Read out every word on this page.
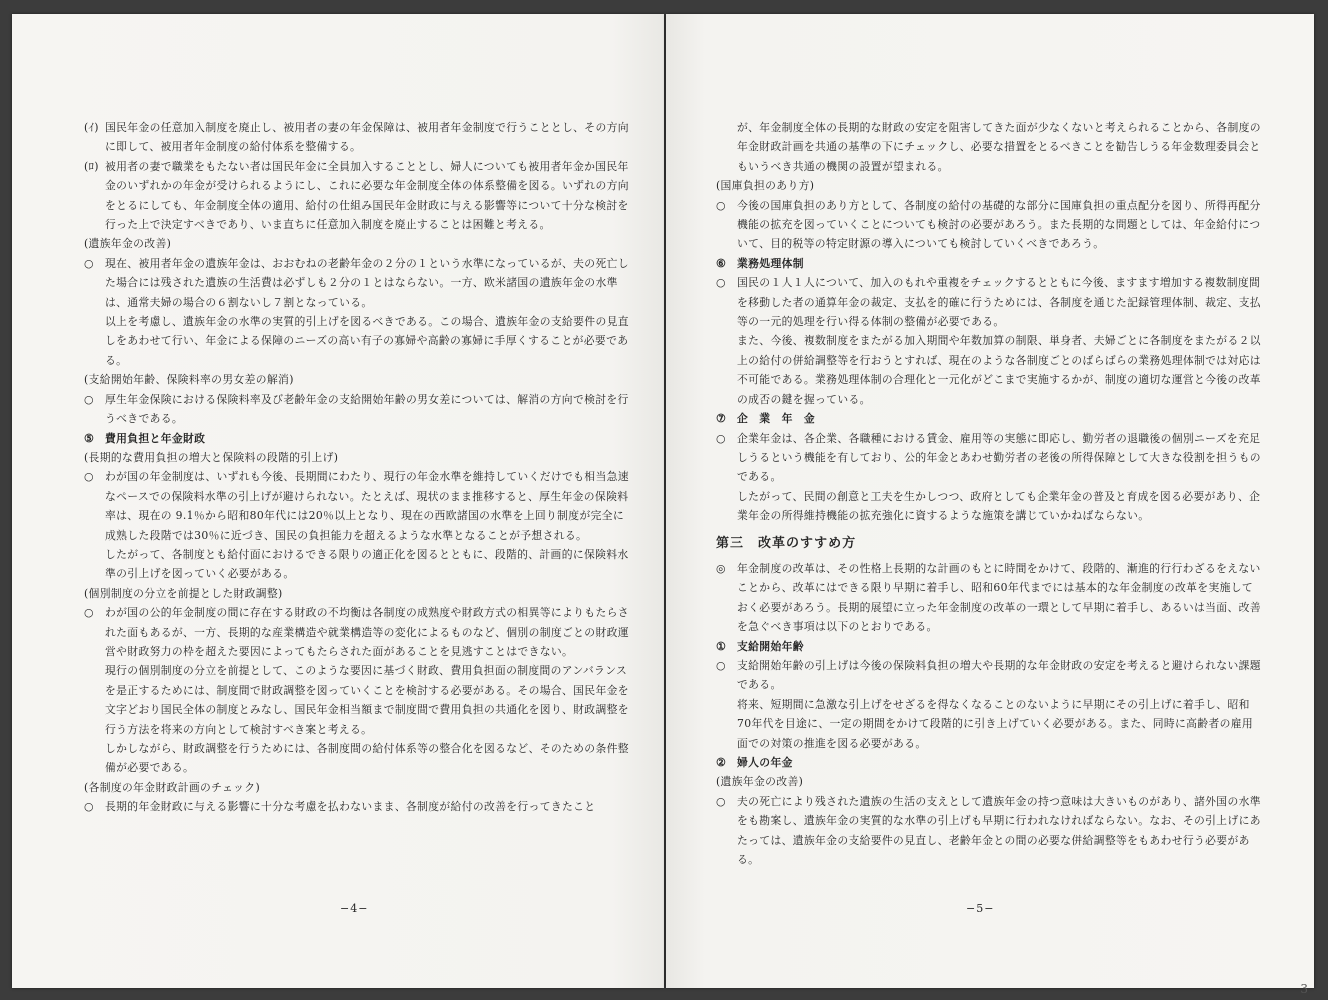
(ｲ) 国民年金の任意加入制度を廃止し、被用者の妻の年金保障は、被用者年金制度で行うこととし、その方向に即して、被用者年金制度の給付体系を整備する。

(ﾛ) 被用者の妻で職業をもたない者は国民年金に全員加入することとし、婦人についても被用者年金か国民年金のいずれかの年金が受けられるようにし、これに必要な年金制度全体の体系整備を図る。いずれの方向をとるにしても、年金制度全体の適用、給付の仕組み国民年金財政に与える影響等について十分な検討を行った上で決定すべきであり、いま直ちに任意加入制度を廃止することは困難と考える。

(遺族年金の改善)

○ 現在、被用者年金の遺族年金は、おおむねの老齢年金の２分の１という水準になっているが、夫の死亡した場合には残された遺族の生活費は必ずしも２分の１とはならない。一方、欧米諸国の遺族年金の水準は、通常夫婦の場合の６割ないし７割となっている。

以上を考慮し、遺族年金の水準の実質的引上げを図るべきである。この場合、遺族年金の支給要件の見直しをあわせて行い、年金による保障のニーズの高い有子の寡婦や高齢の寡婦に手厚くすることが必要である。

(支給開始年齢、保険料率の男女差の解消)

○ 厚生年金保険における保険料率及び老齢年金の支給開始年齢の男女差については、解消の方向で検討を行うべきである。

⑤ 費用負担と年金財政

(長期的な費用負担の増大と保険料の段階的引上げ)

○ わが国の年金制度は、いずれも今後、長期間にわたり、現行の年金水準を維持していくだけでも相当急速なペースでの保険料水準の引上げが避けられない。たとえば、現状のまま推移すると、厚生年金の保険料率は、現在の 9.1％から昭和80年代には20％以上となり、現在の西欧諸国の水準を上回り制度が完全に成熟した段階では30％に近づき、国民の負担能力を超えるような水準となることが予想される。

したがって、各制度とも給付面におけるできる限りの適正化を図るとともに、段階的、計画的に保険料水準の引上げを図っていく必要がある。

(個別制度の分立を前提とした財政調整)

○ わが国の公的年金制度の間に存在する財政の不均衡は各制度の成熟度や財政方式の相異等によりもたらされた面もあるが、一方、長期的な産業構造や就業構造等の変化によるものなど、個別の制度ごとの財政運営や財政努力の枠を超えた要因によってもたらされた面があることを見逃すことはできない。

現行の個別制度の分立を前提として、このような要因に基づく財政、費用負担面の制度間のアンバランスを是正するためには、制度間で財政調整を図っていくことを検討する必要がある。その場合、国民年金を文字どおり国民全体の制度とみなし、国民年金相当額まで制度間で費用負担の共通化を図り、財政調整を行う方法を将来の方向として検討すべき案と考える。

しかしながら、財政調整を行うためには、各制度間の給付体系等の整合化を図るなど、そのための条件整備が必要である。

(各制度の年金財政計画のチェック)

○ 長期的年金財政に与える影響に十分な考慮を払わないまま、各制度が給付の改善を行ってきたこと

−4−

が、年金制度全体の長期的な財政の安定を阻害してきた面が少なくないと考えられることから、各制度の年金財政計画を共通の基準の下にチェックし、必要な措置をとるべきことを勧告しうる年金数理委員会ともいうべき共通の機関の設置が望まれる。

(国庫負担のあり方)

○ 今後の国庫負担のあり方として、各制度の給付の基礎的な部分に国庫負担の重点配分を図り、所得再配分機能の拡充を図っていくことについても検討の必要があろう。また長期的な問題としては、年金給付について、目的税等の特定財源の導入についても検討していくべきであろう。

⑥ 業務処理体制

○ 国民の１人１人について、加入のもれや重複をチェックするとともに今後、ますます増加する複数制度間を移動した者の通算年金の裁定、支払を的確に行うためには、各制度を通じた記録管理体制、裁定、支払等の一元的処理を行い得る体制の整備が必要である。

また、今後、複数制度をまたがる加入期間や年数加算の制限、単身者、夫婦ごとに各制度をまたがる２以上の給付の併給調整等を行おうとすれば、現在のような各制度ごとのばらばらの業務処理体制では対応は不可能である。業務処理体制の合理化と一元化がどこまで実施するかが、制度の適切な運営と今後の改革の成否の鍵を握っている。

⑦ 企　業　年　金

○ 企業年金は、各企業、各職種における賃金、雇用等の実態に即応し、勤労者の退職後の個別ニーズを充足しうるという機能を有しており、公的年金とあわせ勤労者の老後の所得保障として大きな役割を担うものである。

したがって、民間の創意と工夫を生かしつつ、政府としても企業年金の普及と育成を図る必要があり、企業年金の所得維持機能の拡充強化に資するような施策を講じていかねばならない。

第三　改革のすすめ方

◎ 年金制度の改革は、その性格上長期的な計画のもとに時間をかけて、段階的、漸進的行行わざるをえないことから、改革にはできる限り早期に着手し、昭和60年代までには基本的な年金制度の改革を実施しておく必要があろう。長期的展望に立った年金制度の改革の一環として早期に着手し、あるいは当面、改善を急ぐべき事項は以下のとおりである。

① 支給開始年齢

○ 支給開始年齢の引上げは今後の保険料負担の増大や長期的な年金財政の安定を考えると避けられない課題である。

将来、短期間に急激な引上げをせざるを得なくなることのないように早期にその引上げに着手し、昭和70年代を目途に、一定の期間をかけて段階的に引き上げていく必要がある。また、同時に高齢者の雇用面での対策の推進を図る必要がある。

② 婦人の年金

(遺族年金の改善)

○ 夫の死亡により残された遺族の生活の支えとして遺族年金の持つ意味は大きいものがあり、諸外国の水準をも勘案し、遺族年金の実質的な水準の引上げも早期に行われなければならない。なお、その引上げにあたっては、遺族年金の支給要件の見直し、老齢年金との間の必要な併給調整等をもあわせ行う必要がある。

−5−
3
